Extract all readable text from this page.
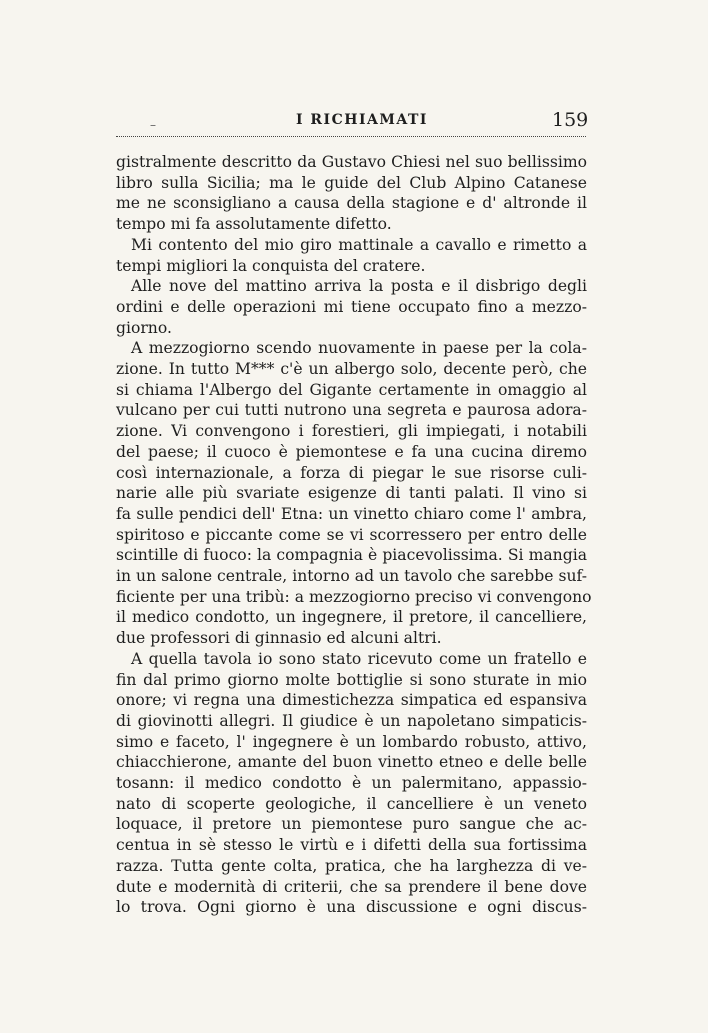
–	I RICHIAMATI	159
gistralmente descritto da Gustavo Chiesi nel suo bellissimo
libro sulla Sicilia; ma le guide del Club Alpino Catanese
me ne sconsigliano a causa della stagione e d' altronde il
tempo mi fa assolutamente difetto.
Mi contento del mio giro mattinale a cavallo e rimetto a
tempi migliori la conquista del cratere.
Alle nove del mattino arriva la posta e il disbrigo degli
ordini e delle operazioni mi tiene occupato fino a mezzo-
giorno.
A mezzogiorno scendo nuovamente in paese per la cola-
zione. In tutto M*** c'è un albergo solo, decente però, che
si chiama l'Albergo del Gigante certamente in omaggio al
vulcano per cui tutti nutrono una segreta e paurosa adora-
zione. Vi convengono i forestieri, gli impiegati, i notabili
del paese; il cuoco è piemontese e fa una cucina diremo
così internazionale, a forza di piegar le sue risorse culi-
narie alle più svariate esigenze di tanti palati. Il vino si
fa sulle pendici dell' Etna: un vinetto chiaro come l' ambra,
spiritoso e piccante come se vi scorressero per entro delle
scintille di fuoco: la compagnia è piacevolissima. Si mangia
in un salone centrale, intorno ad un tavolo che sarebbe suf-
ficiente per una tribù: a mezzogiorno preciso vi convengono
il medico condotto, un ingegnere, il pretore, il cancelliere,
due professori di ginnasio ed alcuni altri.
A quella tavola io sono stato ricevuto come un fratello e
fin dal primo giorno molte bottiglie si sono sturate in mio
onore; vi regna una dimestichezza simpatica ed espansiva
di giovinotti allegri. Il giudice è un napoletano simpaticis-
simo e faceto, l' ingegnere è un lombardo robusto, attivo,
chiacchierone, amante del buon vinetto etneo e delle belle
tosann: il medico condotto è un palermitano, appassio-
nato di scoperte geologiche, il cancelliere è un veneto
loquace, il pretore un piemontese puro sangue che ac-
centua in sè stesso le virtù e i difetti della sua fortissima
razza. Tutta gente colta, pratica, che ha larghezza di ve-
dute e modernità di criterii, che sa prendere il bene dove
lo trova. Ogni giorno è una discussione e ogni discus-
